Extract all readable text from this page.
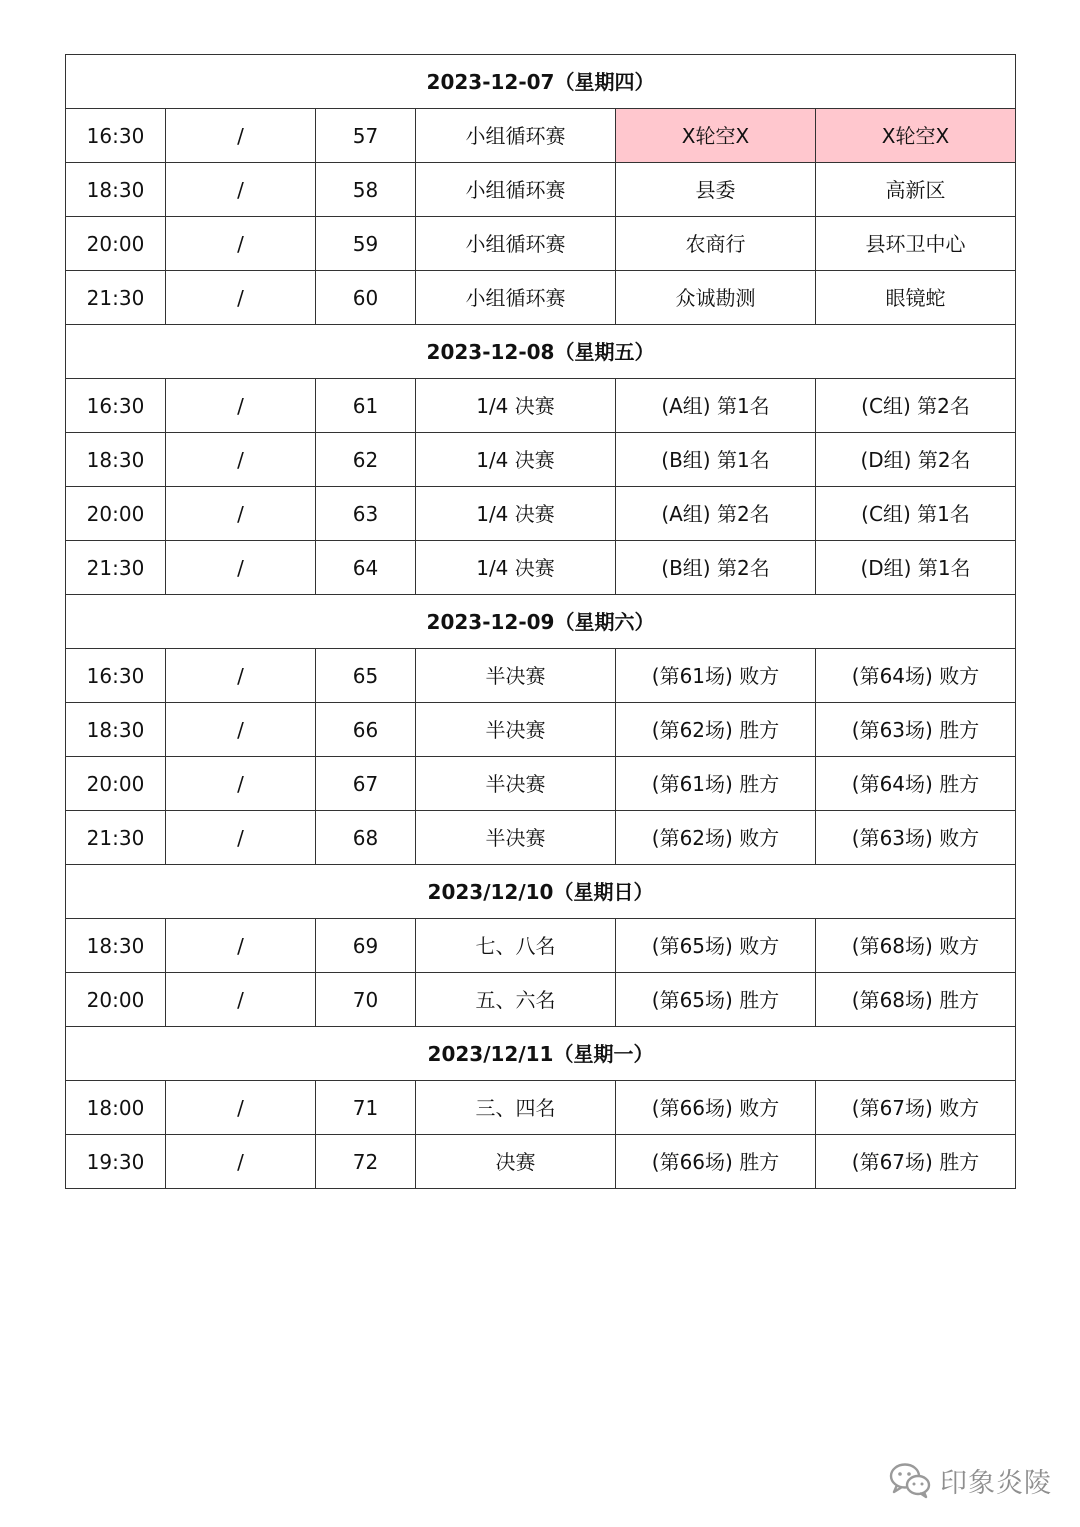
2023-12-07（星期四）					
16:30	/	57	小组循环赛	X轮空X	X轮空X
18:30	/	58	小组循环赛	县委	高新区
20:00	/	59	小组循环赛	农商行	县环卫中心
21:30	/	60	小组循环赛	众诚勘测	眼镜蛇
2023-12-08（星期五）					
16:30	/	61	1/4 决赛	(A组) 第1名	(C组) 第2名
18:30	/	62	1/4 决赛	(B组) 第1名	(D组) 第2名
20:00	/	63	1/4 决赛	(A组) 第2名	(C组) 第1名
21:30	/	64	1/4 决赛	(B组) 第2名	(D组) 第1名
2023-12-09（星期六）					
16:30	/	65	半决赛	(第61场) 败方	(第64场) 败方
18:30	/	66	半决赛	(第62场) 胜方	(第63场) 胜方
20:00	/	67	半决赛	(第61场) 胜方	(第64场) 胜方
21:30	/	68	半决赛	(第62场) 败方	(第63场) 败方
2023/12/10（星期日）					
18:30	/	69	七、八名	(第65场) 败方	(第68场) 败方
20:00	/	70	五、六名	(第65场) 胜方	(第68场) 胜方
2023/12/11（星期一）					
18:00	/	71	三、四名	(第66场) 败方	(第67场) 败方
19:30	/	72	决赛	(第66场) 胜方	(第67场) 胜方
印象炎陵
